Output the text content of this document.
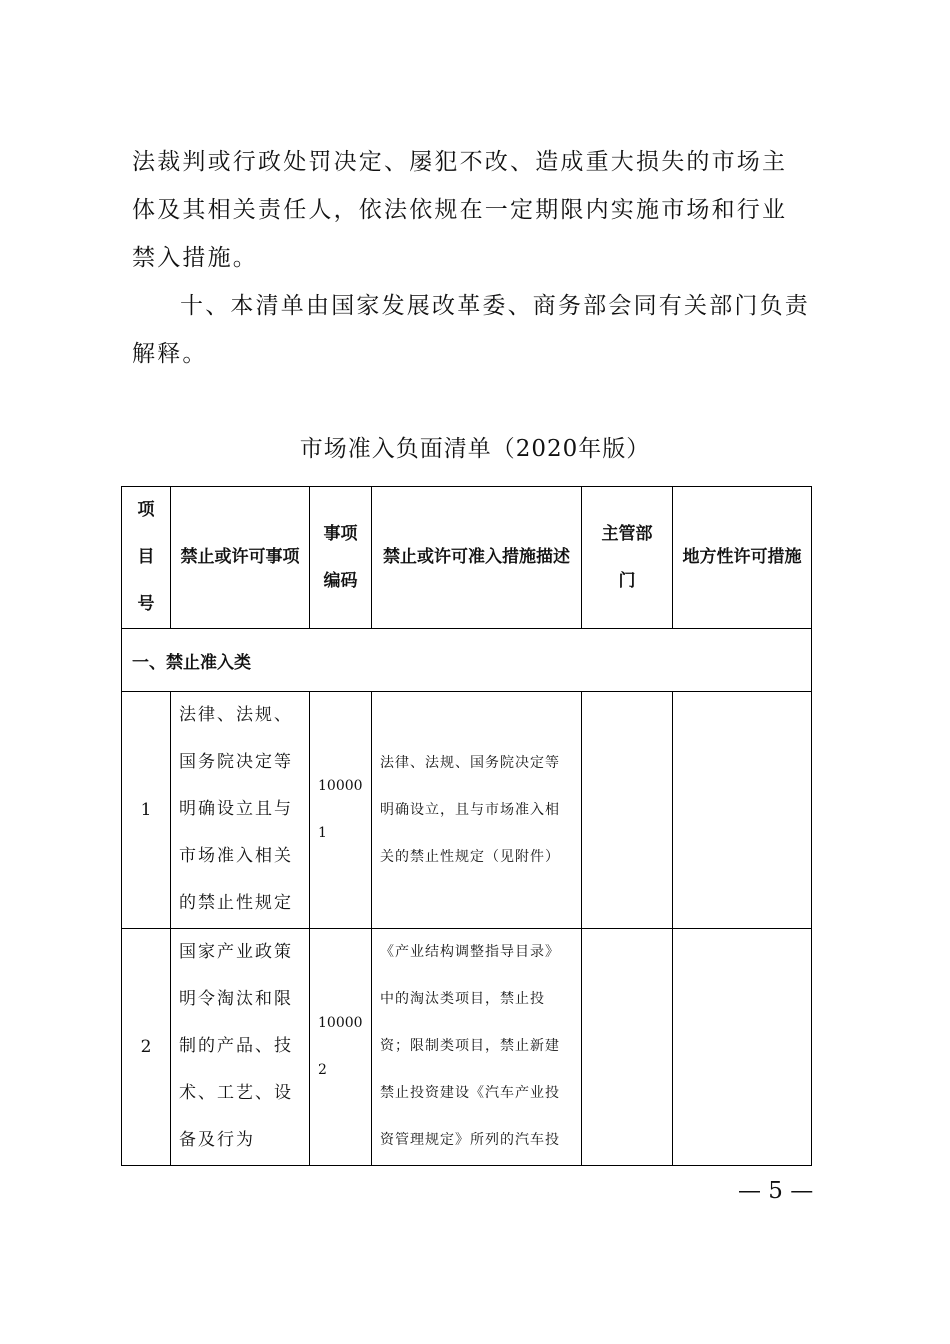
法裁判或行政处罚决定、屡犯不改、造成重大损失的市场主体及其相关责任人，依法依规在一定期限内实施市场和行业禁入措施。

十、本清单由国家发展改革委、商务部会同有关部门负责解释。

市场准入负面清单（2020年版）
项目号	禁止或许可事项	事项编码	禁止或许可准入措施描述	主管部门	地方性许可措施
一、禁止准入类					
1	法律、法规、国务院决定等明确设立且与市场准入相关的禁止性规定	100001	法律、法规、国务院决定等明确设立，且与市场准入相关的禁止性规定（见附件）		
2	国家产业政策明令淘汰和限制的产品、技术、工艺、设备及行为	100002	《产业结构调整指导目录》中的淘汰类项目，禁止投资；限制类项目，禁止新建禁止投资建设《汽车产业投资管理规定》所列的汽车投		
— 5 —
